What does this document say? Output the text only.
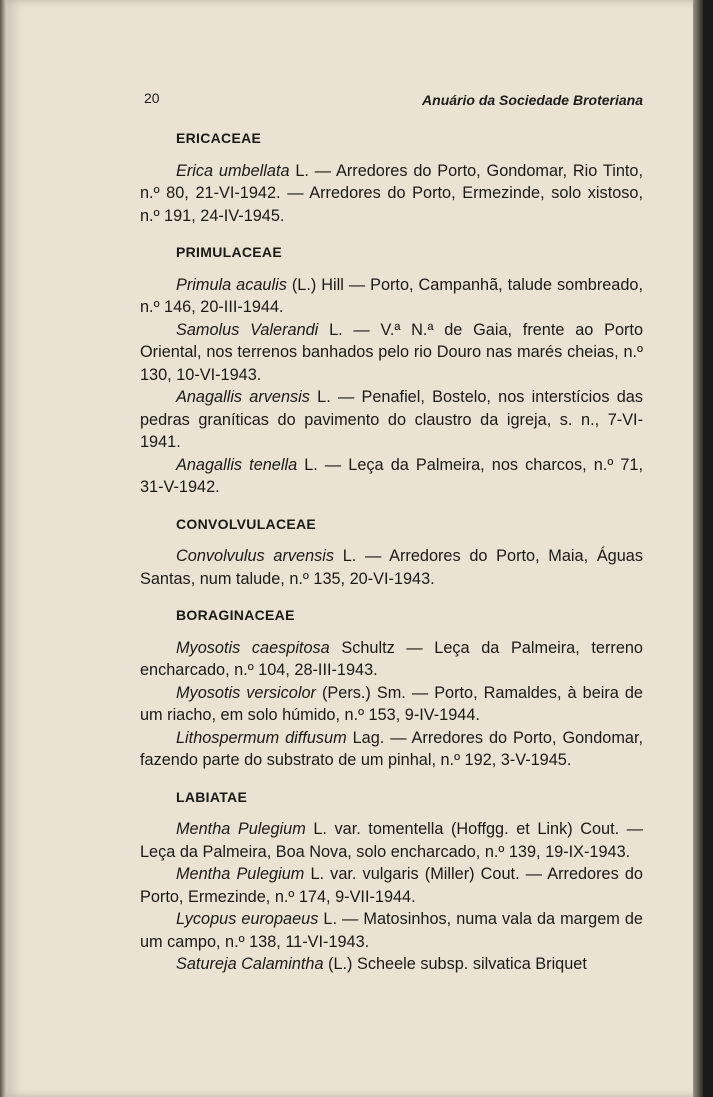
20	Anuário da Sociedade Broteriana
ERICACEAE

Erica umbellata L. — Arredores do Porto, Gondomar, Rio Tinto, n.º 80, 21-VI-1942. — Arredores do Porto, Ermezinde, solo xistoso, n.º 191, 24-IV-1945.

PRIMULACEAE

Primula acaulis (L.) Hill — Porto, Campanhã, talude sombreado, n.º 146, 20-III-1944.

Samolus Valerandi L. — V.ª N.ª de Gaia, frente ao Porto Oriental, nos terrenos banhados pelo rio Douro nas marés cheias, n.º 130, 10-VI-1943.

Anagallis arvensis L. — Penafiel, Bostelo, nos interstícios das pedras graníticas do pavimento do claustro da igreja, s. n., 7-VI-1941.

Anagallis tenella L. — Leça da Palmeira, nos charcos, n.º 71, 31-V-1942.

CONVOLVULACEAE

Convolvulus arvensis L. — Arredores do Porto, Maia, Águas Santas, num talude, n.º 135, 20-VI-1943.

BORAGINACEAE

Myosotis caespitosa Schultz — Leça da Palmeira, terreno encharcado, n.º 104, 28-III-1943.

Myosotis versicolor (Pers.) Sm. — Porto, Ramaldes, à beira de um riacho, em solo húmido, n.º 153, 9-IV-1944.

Lithospermum diffusum Lag. — Arredores do Porto, Gondomar, fazendo parte do substrato de um pinhal, n.º 192, 3-V-1945.

LABIATAE

Mentha Pulegium L. var. tomentella (Hoffgg. et Link) Cout. — Leça da Palmeira, Boa Nova, solo encharcado, n.º 139, 19-IX-1943.

Mentha Pulegium L. var. vulgaris (Miller) Cout. — Arredores do Porto, Ermezinde, n.º 174, 9-VII-1944.

Lycopus europaeus L. — Matosinhos, numa vala da margem de um campo, n.º 138, 11-VI-1943.

Satureja Calamintha (L.) Scheele subsp. silvatica Briquet
